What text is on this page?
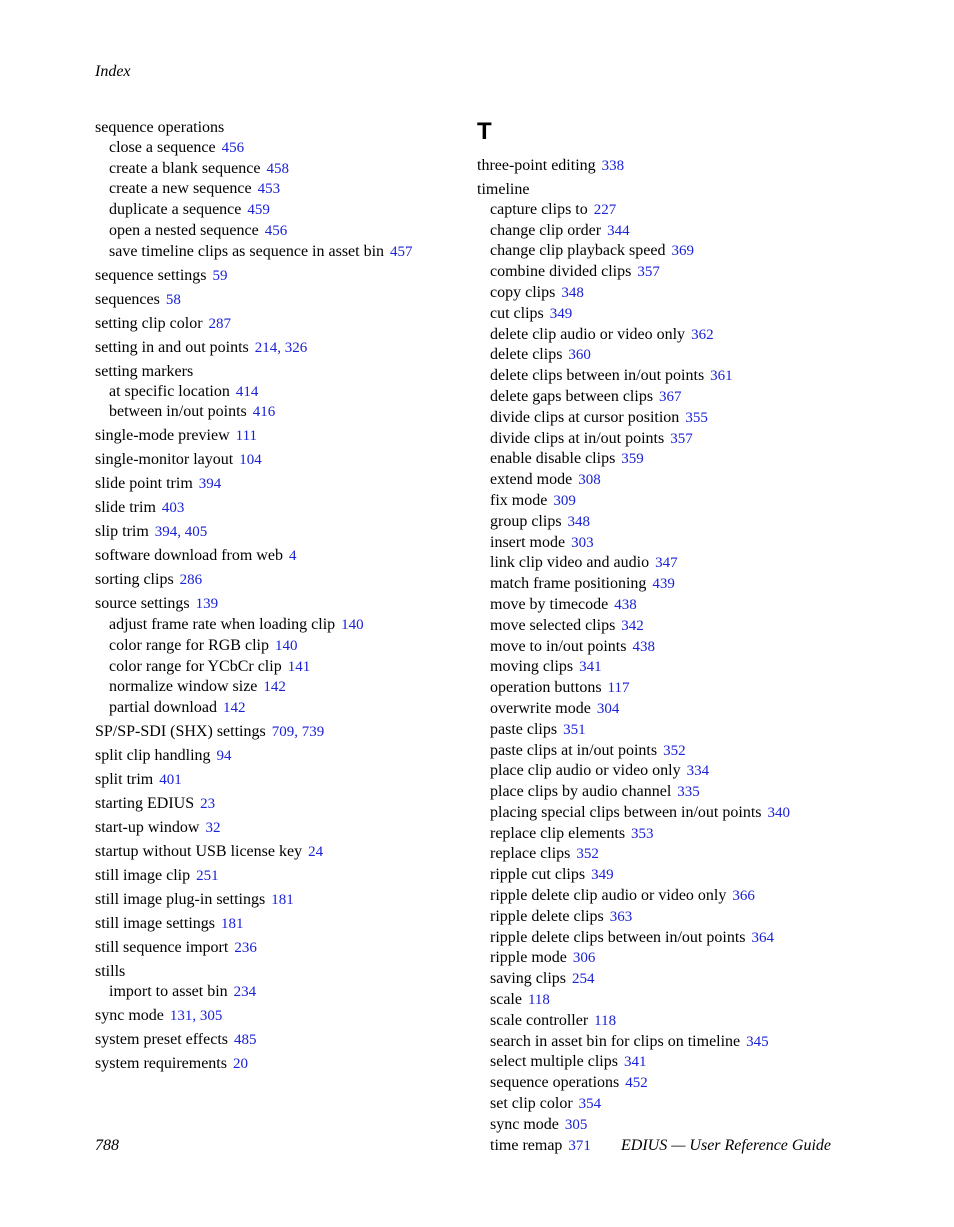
Index
sequence operations
close a sequence 456
create a blank sequence 458
create a new sequence 453
duplicate a sequence 459
open a nested sequence 456
save timeline clips as sequence in asset bin 457
sequence settings 59
sequences 58
setting clip color 287
setting in and out points 214, 326
setting markers
at specific location 414
between in/out points 416
single-mode preview 111
single-monitor layout 104
slide point trim 394
slide trim 403
slip trim 394, 405
software download from web 4
sorting clips 286
source settings 139
adjust frame rate when loading clip 140
color range for RGB clip 140
color range for YCbCr clip 141
normalize window size 142
partial download 142
SP/SP-SDI (SHX) settings 709, 739
split clip handling 94
split trim 401
starting EDIUS 23
start-up window 32
startup without USB license key 24
still image clip 251
still image plug-in settings 181
still image settings 181
still sequence import 236
stills
import to asset bin 234
sync mode 131, 305
system preset effects 485
system requirements 20
T
three-point editing 338
timeline
capture clips to 227
change clip order 344
change clip playback speed 369
combine divided clips 357
copy clips 348
cut clips 349
delete clip audio or video only 362
delete clips 360
delete clips between in/out points 361
delete gaps between clips 367
divide clips at cursor position 355
divide clips at in/out points 357
enable disable clips 359
extend mode 308
fix mode 309
group clips 348
insert mode 303
link clip video and audio 347
match frame positioning 439
move by timecode 438
move selected clips 342
move to in/out points 438
moving clips 341
operation buttons 117
overwrite mode 304
paste clips 351
paste clips at in/out points 352
place clip audio or video only 334
place clips by audio channel 335
placing special clips between in/out points 340
replace clip elements 353
replace clips 352
ripple cut clips 349
ripple delete clip audio or video only 366
ripple delete clips 363
ripple delete clips between in/out points 364
ripple mode 306
saving clips 254
scale 118
scale controller 118
search in asset bin for clips on timeline 345
select multiple clips 341
sequence operations 452
set clip color 354
sync mode 305
time remap 371
788	EDIUS — User Reference Guide
